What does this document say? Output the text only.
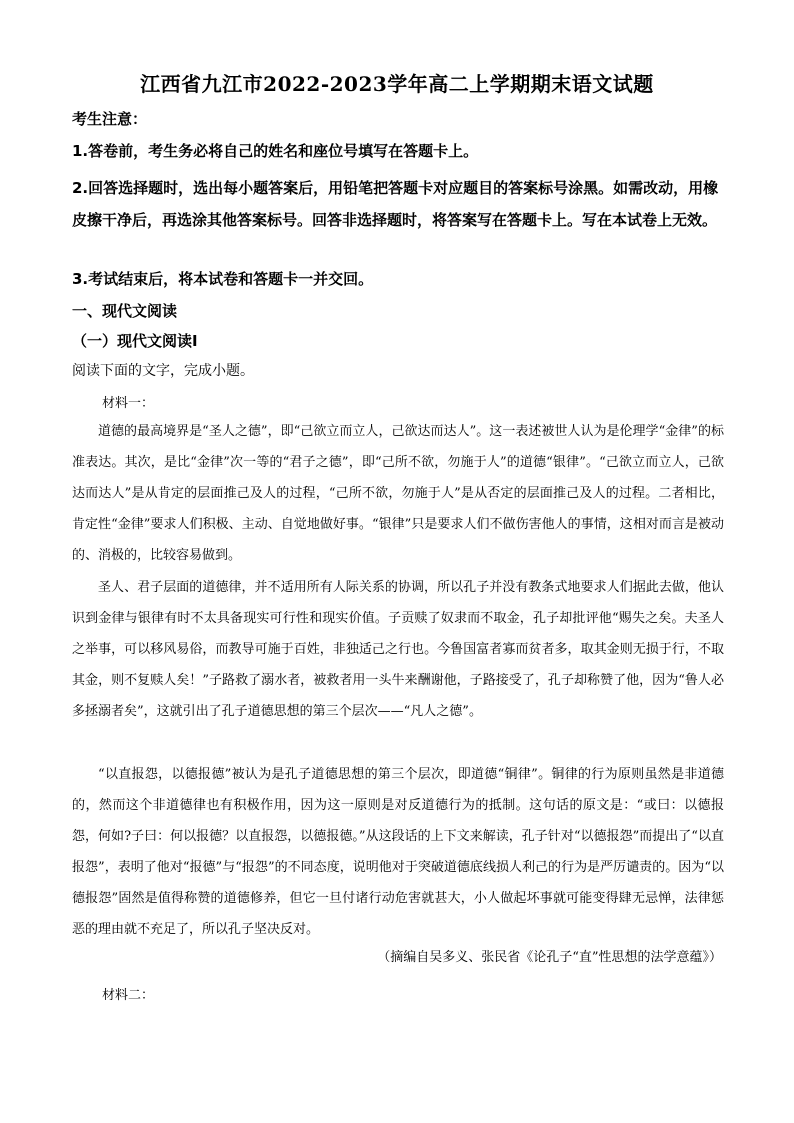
江西省九江市2022-2023学年高二上学期期末语文试题
考生注意：
1.答卷前，考生务必将自己的姓名和座位号填写在答题卡上。
2.回答选择题时，选出每小题答案后，用铅笔把答题卡对应题目的答案标号涂黑。如需改动，用橡皮擦干净后，再选涂其他答案标号。回答非选择题时，将答案写在答题卡上。写在本试卷上无效。
3.考试结束后，将本试卷和答题卡一并交回。
一、现代文阅读
（一）现代文阅读Ⅰ
阅读下面的文字，完成小题。
材料一：

道德的最高境界是“圣人之德”，即“己欲立而立人，己欲达而达人”。这一表述被世人认为是伦理学“金律”的标准表达。其次，是比“金律”次一等的“君子之德”，即“己所不欲，勿施于人”的道德“银律”。“己欲立而立人，己欲达而达人”是从肯定的层面推己及人的过程，“己所不欲，勿施于人”是从否定的层面推己及人的过程。二者相比，肯定性“金律”要求人们积极、主动、自觉地做好事。“银律”只是要求人们不做伤害他人的事情，这相对而言是被动的、消极的，比较容易做到。

圣人、君子层面的道德律，并不适用所有人际关系的协调，所以孔子并没有教条式地要求人们据此去做，他认识到金律与银律有时不太具备现实可行性和现实价值。子贡赎了奴隶而不取金，孔子却批评他“赐失之矣。夫圣人之举事，可以移风易俗，而教导可施于百姓，非独适己之行也。今鲁国富者寡而贫者多，取其金则无损于行，不取其金，则不复赎人矣！”子路救了溺水者，被救者用一头牛来酬谢他，子路接受了，孔子却称赞了他，因为“鲁人必多拯溺者矣”，这就引出了孔子道德思想的第三个层次——“凡人之德”。

“以直报怨，以德报德”被认为是孔子道德思想的第三个层次，即道德“铜律”。铜律的行为原则虽然是非道德的，然而这个非道德律也有积极作用，因为这一原则是对反道德行为的抵制。这句话的原文是：“或曰：以德报怨，何如?子曰：何以报德？以直报怨，以德报德。”从这段话的上下文来解读，孔子针对“以德报怨”而提出了“以直报怨”，表明了他对“报德”与“报怨”的不同态度，说明他对于突破道德底线损人利己的行为是严厉谴责的。因为“以德报怨”固然是值得称赞的道德修养，但它一旦付诸行动危害就甚大，小人做起坏事就可能变得肆无忌惮，法律惩恶的理由就不充足了，所以孔子坚决反对。

（摘编自吴多义、张民省《论孔子“直”性思想的法学意蕴》）
材料二：
